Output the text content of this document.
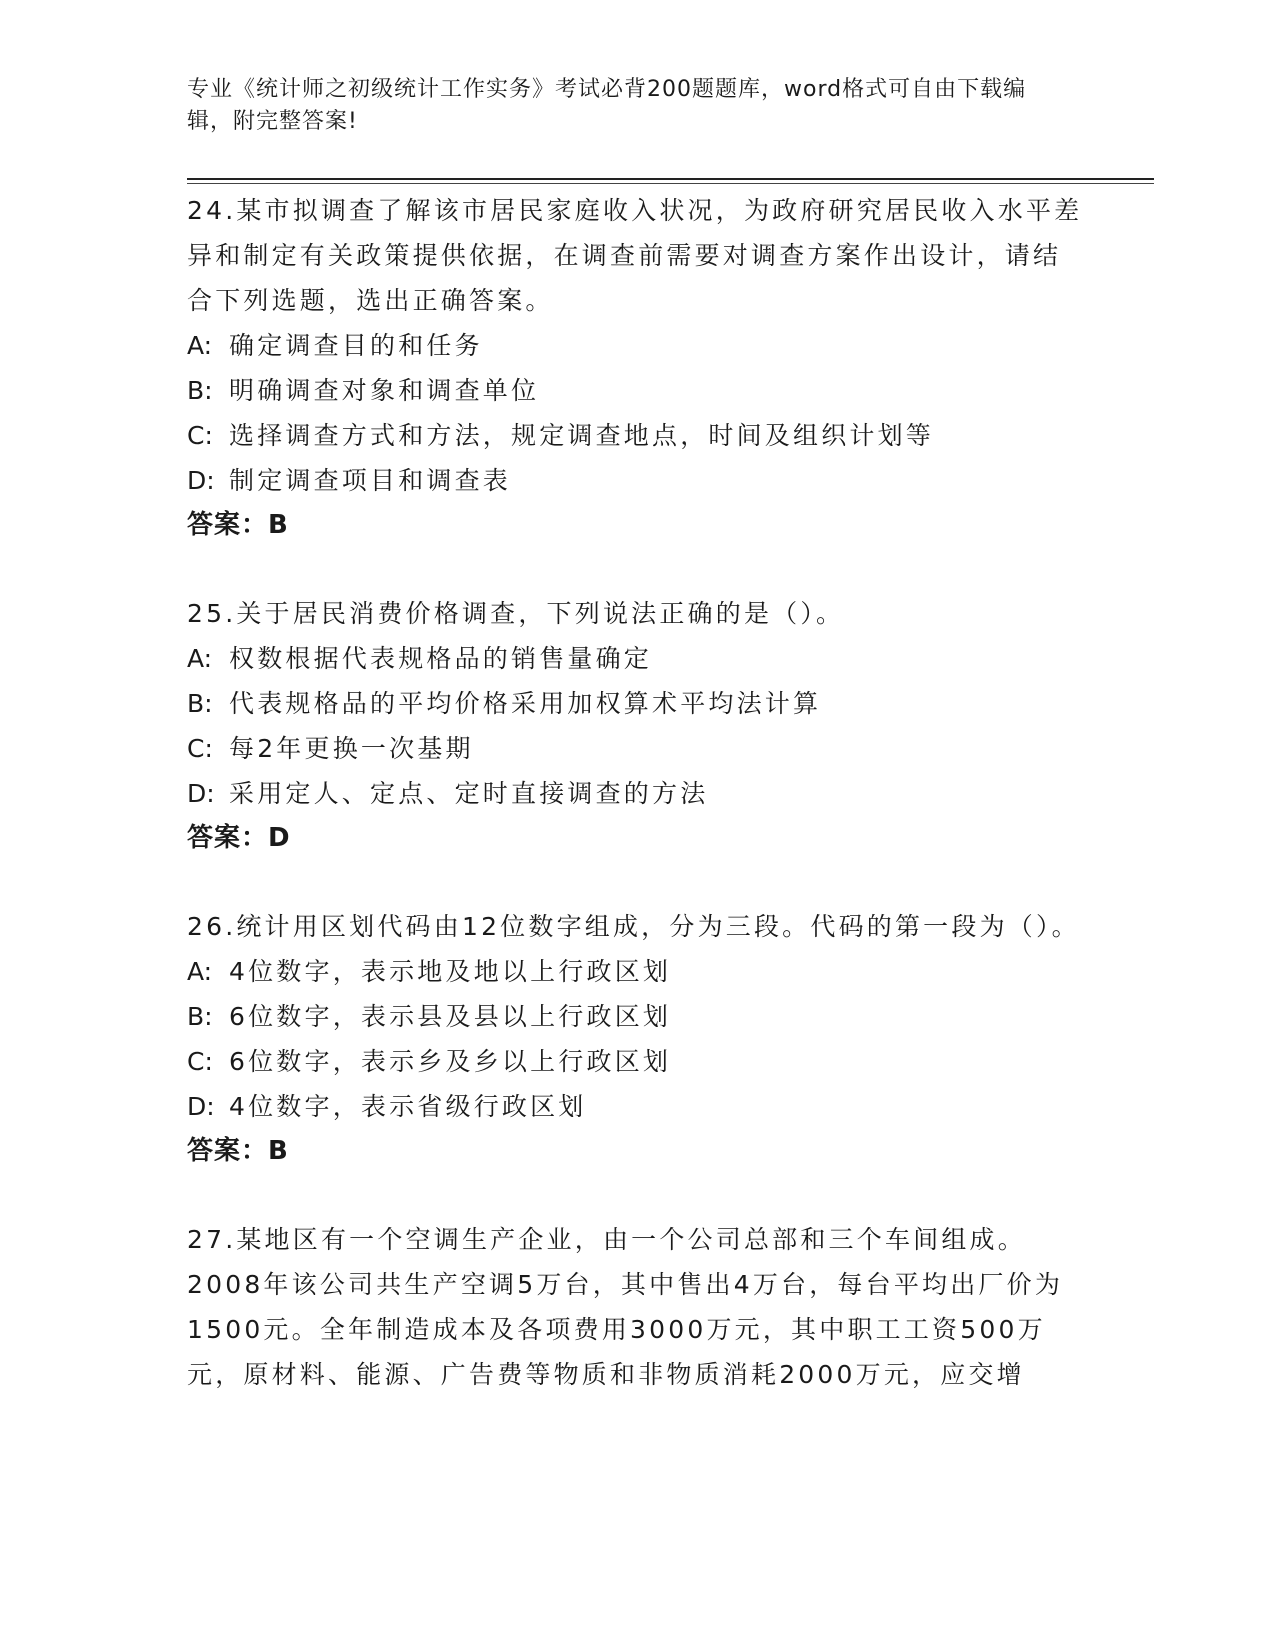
专业《统计师之初级统计工作实务》考试必背200题题库，word格式可自由下载编辑，附完整答案!
24.某市拟调查了解该市居民家庭收入状况，为政府研究居民收入水平差异和制定有关政策提供依据，在调查前需要对调查方案作出设计，请结合下列选题，选出正确答案。
A: 确定调查目的和任务
B: 明确调查对象和调查单位
C: 选择调查方式和方法，规定调查地点，时间及组织计划等
D: 制定调查项目和调查表
答案：B
25.关于居民消费价格调查，下列说法正确的是（）。
A: 权数根据代表规格品的销售量确定
B: 代表规格品的平均价格采用加权算术平均法计算
C: 每2年更换一次基期
D: 采用定人、定点、定时直接调查的方法
答案：D
26.统计用区划代码由12位数字组成，分为三段。代码的第一段为（）。
A: 4位数字，表示地及地以上行政区划
B: 6位数字，表示县及县以上行政区划
C: 6位数字，表示乡及乡以上行政区划
D: 4位数字，表示省级行政区划
答案：B
27.某地区有一个空调生产企业，由一个公司总部和三个车间组成。2008年该公司共生产空调5万台，其中售出4万台，每台平均出厂价为1500元。全年制造成本及各项费用3000万元，其中职工工资500万元，原材料、能源、广告费等物质和非物质消耗2000万元，应交增
